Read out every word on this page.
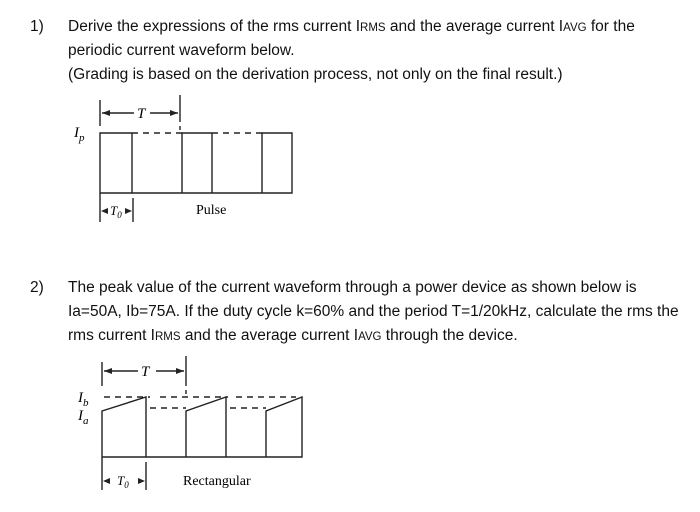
1) Derive the expressions of the rms current IRMS and the average current IAVG for the
periodic current waveform below.
(Grading is based on the derivation process, not only on the final result.)
T
$I_p$
$T_0$	Pulse
2) The peak value of the current waveform through a power device as shown below is
Ia=50A, Ib=75A. If the duty cycle k=60% and the period T=1/20kHz, calculate the rms the
rms current IRMS and the average current IAVG through the device.
T
$I_b$
$I_a$
$T_0$	Rectangular
